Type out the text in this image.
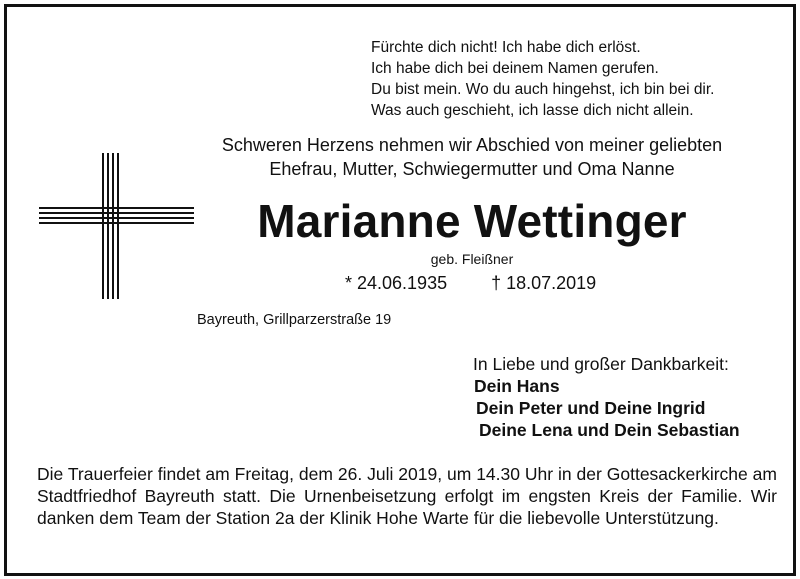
Fürchte dich nicht! Ich habe dich erlöst.
Ich habe dich bei deinem Namen gerufen.
Du bist mein. Wo du auch hingehst, ich bin bei dir.
Was auch geschieht, ich lasse dich nicht allein.
Schweren Herzens nehmen wir Abschied von meiner geliebten
Ehefrau, Mutter, Schwiegermutter und Oma Nanne
Marianne Wettinger
geb. Fleißner
* 24.06.1935 † 18.07.2019
Bayreuth, Grillparzerstraße 19
In Liebe und großer Dankbarkeit:
Dein Hans
Dein Peter und Deine Ingrid
Deine Lena und Dein Sebastian
Die Trauerfeier findet am Freitag, dem 26. Juli 2019, um 14.30 Uhr in der Gottesackerkirche am Stadtfriedhof Bayreuth statt. Die Urnenbeisetzung erfolgt im engsten Kreis der Familie. Wir danken dem Team der Station 2a der Klinik Hohe Warte für die liebevolle Unterstützung.
